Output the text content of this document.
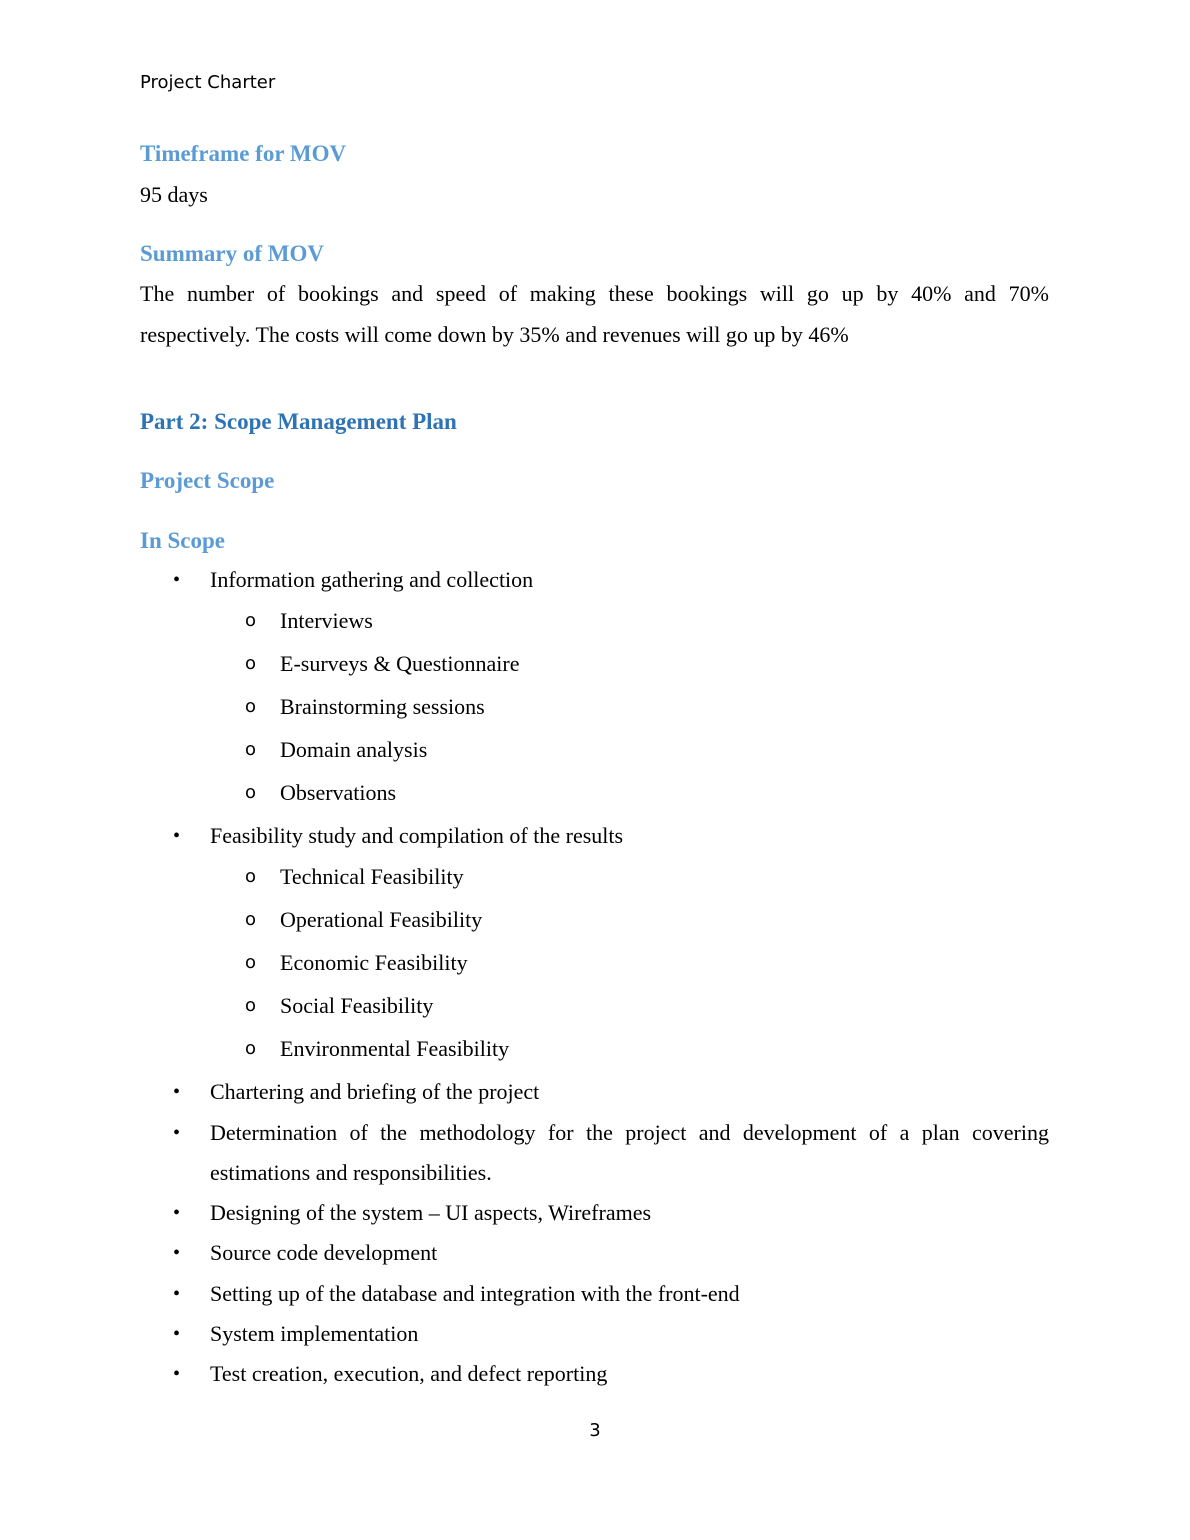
Project Charter
Timeframe for MOV
95 days
Summary of MOV
The number of bookings and speed of making these bookings will go up by 40% and 70%
respectively. The costs will come down by 35% and revenues will go up by 46%
Part 2: Scope Management Plan
Project Scope
In Scope
• Information gathering and collection
o Interviews
o E-surveys & Questionnaire
o Brainstorming sessions
o Domain analysis
o Observations
• Feasibility study and compilation of the results
o Technical Feasibility
o Operational Feasibility
o Economic Feasibility
o Social Feasibility
o Environmental Feasibility
• Chartering and briefing of the project
• Determination of the methodology for the project and development of a plan covering
estimations and responsibilities.
• Designing of the system – UI aspects, Wireframes
• Source code development
• Setting up of the database and integration with the front-end
• System implementation
• Test creation, execution, and defect reporting
3
